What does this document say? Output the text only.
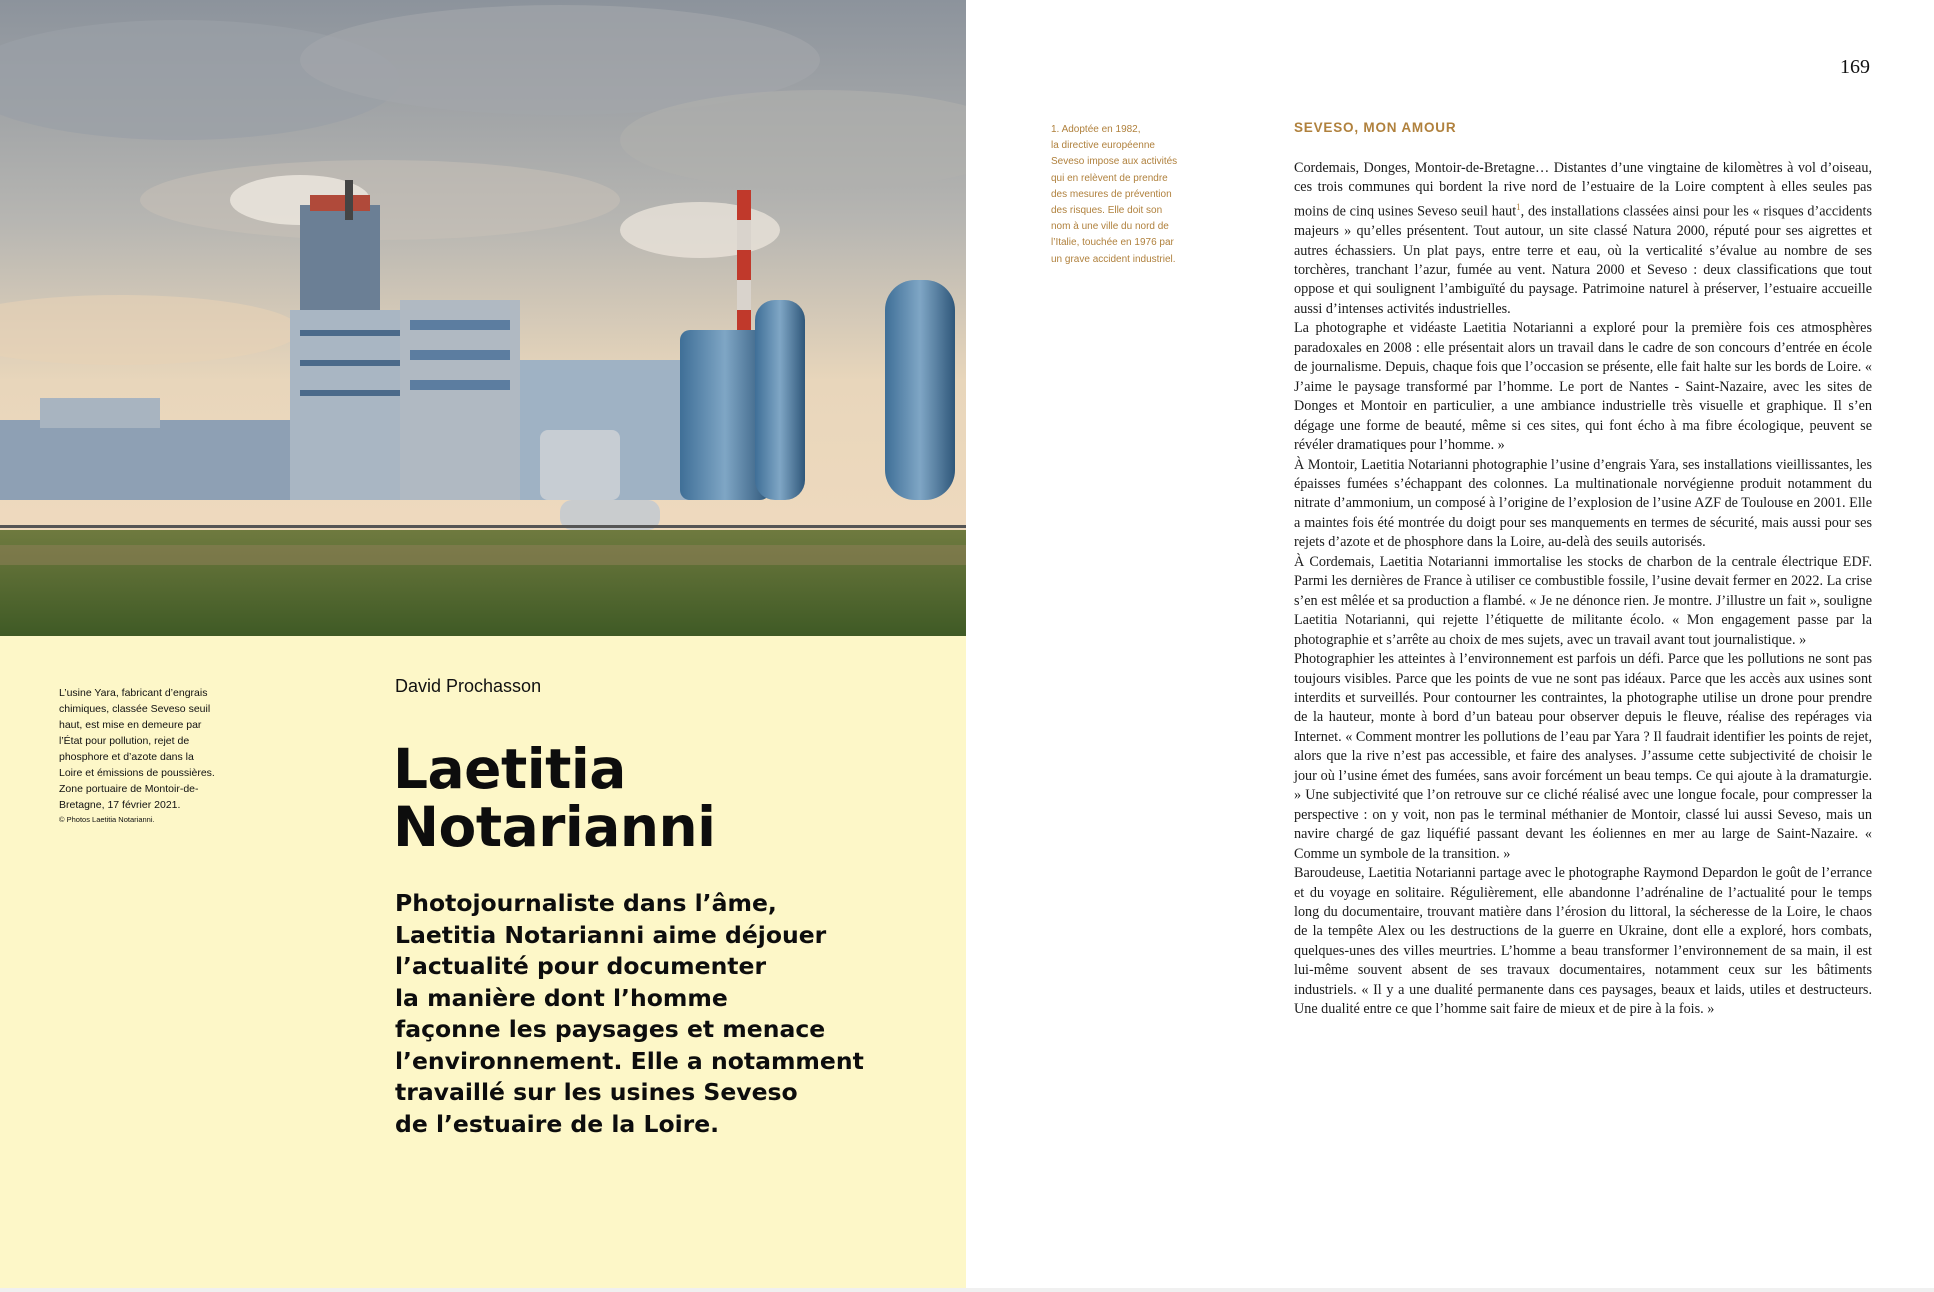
L’usine Yara, fabricant d’engrais chimiques, classée Seveso seuil haut, est mise en demeure par l’État pour pollution, rejet de phosphore et d’azote dans la Loire et émissions de poussières. Zone portuaire de Montoir-de-Bretagne, 17 février 2021.
© Photos Laetitia Notarianni.
David Prochasson
Laetitia
Notarianni
Photojournaliste dans l’âme,
Laetitia Notarianni aime déjouer
l’actualité pour documenter
la manière dont l’homme
façonne les paysages et menace
l’environnement. Elle a notamment
travaillé sur les usines Seveso
de l’estuaire de la Loire.
169
1. Adoptée en 1982,
la directive européenne
Seveso impose aux activités
qui en relèvent de prendre
des mesures de prévention
des risques. Elle doit son
nom à une ville du nord de
l’Italie, touchée en 1976 par
un grave accident industriel.
SEVESO, MON AMOUR

Cordemais, Donges, Montoir-de-Bretagne… Distantes d’une vingtaine de kilomètres à vol d’oiseau, ces trois communes qui bordent la rive nord de l’estuaire de la Loire comptent à elles seules pas moins de cinq usines Seveso seuil haut$^1$, des installations classées ainsi pour les « risques d’accidents majeurs » qu’elles présentent. Tout autour, un site classé Natura 2000, réputé pour ses aigrettes et autres échassiers. Un plat pays, entre terre et eau, où la verticalité s’évalue au nombre de ses torchères, tranchant l’azur, fumée au vent. Natura 2000 et Seveso : deux classifications que tout oppose et qui soulignent l’ambiguïté du paysage. Patrimoine naturel à préserver, l’estuaire accueille aussi d’intenses activités industrielles.

La photographe et vidéaste Laetitia Notarianni a exploré pour la première fois ces atmosphères paradoxales en 2008 : elle présentait alors un travail dans le cadre de son concours d’entrée en école de journalisme. Depuis, chaque fois que l’occasion se présente, elle fait halte sur les bords de Loire. « J’aime le paysage transformé par l’homme. Le port de Nantes - Saint-Nazaire, avec les sites de Donges et Montoir en particulier, a une ambiance industrielle très visuelle et graphique. Il s’en dégage une forme de beauté, même si ces sites, qui font écho à ma fibre écologique, peuvent se révéler dramatiques pour l’homme. »

À Montoir, Laetitia Notarianni photographie l’usine d’engrais Yara, ses installations vieillissantes, les épaisses fumées s’échappant des colonnes. La multinationale norvégienne produit notamment du nitrate d’ammonium, un composé à l’origine de l’explosion de l’usine AZF de Toulouse en 2001. Elle a maintes fois été montrée du doigt pour ses manquements en termes de sécurité, mais aussi pour ses rejets d’azote et de phosphore dans la Loire, au-delà des seuils autorisés.

À Cordemais, Laetitia Notarianni immortalise les stocks de charbon de la centrale électrique EDF. Parmi les dernières de France à utiliser ce combustible fossile, l’usine devait fermer en 2022. La crise s’en est mêlée et sa production a flambé. « Je ne dénonce rien. Je montre. J’illustre un fait », souligne Laetitia Notarianni, qui rejette l’étiquette de militante écolo. « Mon engagement passe par la photographie et s’arrête au choix de mes sujets, avec un travail avant tout journalistique. »

Photographier les atteintes à l’environnement est parfois un défi. Parce que les pollutions ne sont pas toujours visibles. Parce que les points de vue ne sont pas idéaux. Parce que les accès aux usines sont interdits et surveillés. Pour contourner les contraintes, la photographe utilise un drone pour prendre de la hauteur, monte à bord d’un bateau pour observer depuis le fleuve, réalise des repérages via Internet. « Comment montrer les pollutions de l’eau par Yara ? Il faudrait identifier les points de rejet, alors que la rive n’est pas accessible, et faire des analyses. J’assume cette subjectivité de choisir le jour où l’usine émet des fumées, sans avoir forcément un beau temps. Ce qui ajoute à la dramaturgie. » Une subjectivité que l’on retrouve sur ce cliché réalisé avec une longue focale, pour compresser la perspective : on y voit, non pas le terminal méthanier de Montoir, classé lui aussi Seveso, mais un navire chargé de gaz liquéfié passant devant les éoliennes en mer au large de Saint-Nazaire. « Comme un symbole de la transition. »

Baroudeuse, Laetitia Notarianni partage avec le photographe Raymond Depardon le goût de l’errance et du voyage en solitaire. Régulièrement, elle abandonne l’adrénaline de l’actualité pour le temps long du documentaire, trouvant matière dans l’érosion du littoral, la sécheresse de la Loire, le chaos de la tempête Alex ou les destructions de la guerre en Ukraine, dont elle a exploré, hors combats, quelques-unes des villes meurtries. L’homme a beau transformer l’environnement de sa main, il est lui-même souvent absent de ses travaux documentaires, notamment ceux sur les bâtiments industriels. « Il y a une dualité permanente dans ces paysages, beaux et laids, utiles et destructeurs. Une dualité entre ce que l’homme sait faire de mieux et de pire à la fois. »
